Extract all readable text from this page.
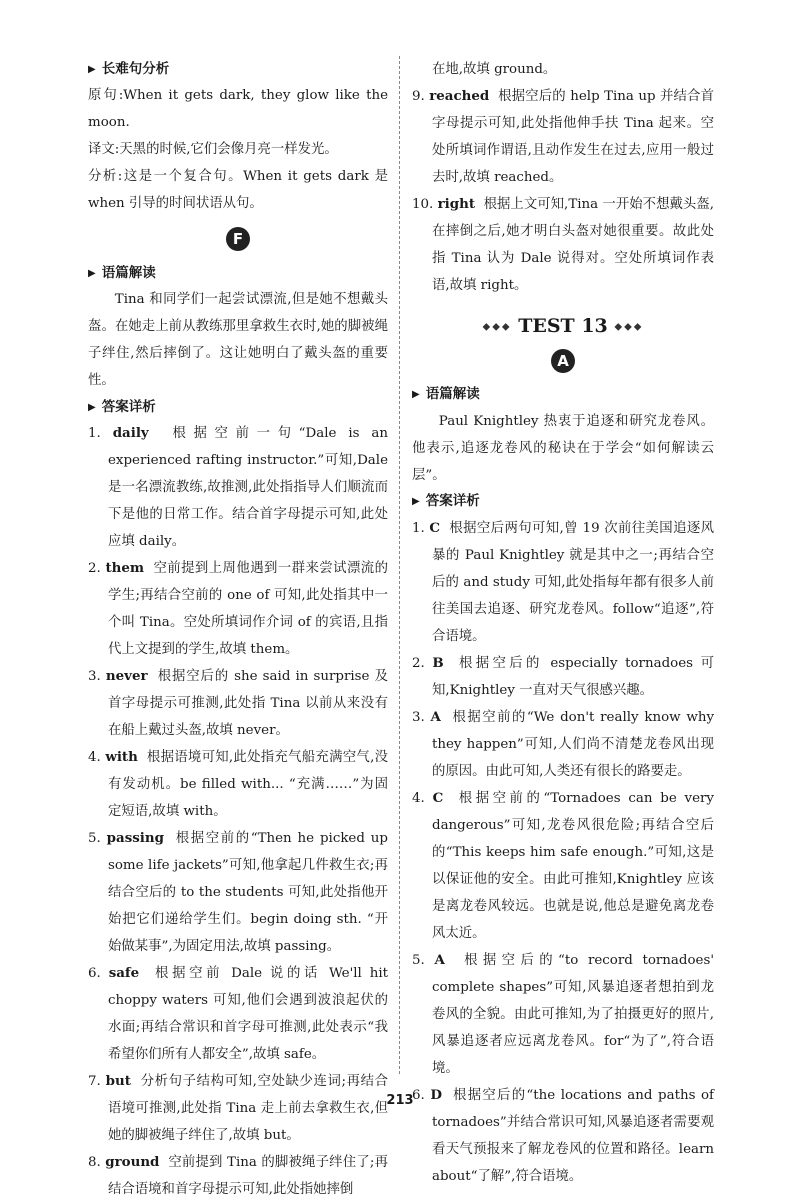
▶ 长难句分析

原句:When it gets dark, they glow like the moon.

译文:天黑的时候,它们会像月亮一样发光。

分析:这是一个复合句。When it gets dark 是 when 引导的时间状语从句。

F
▶ 语篇解读

Tina 和同学们一起尝试漂流,但是她不想戴头盔。在她走上前从教练那里拿救生衣时,她的脚被绳子绊住,然后摔倒了。这让她明白了戴头盔的重要性。

▶ 答案详析

1. daily 根据空前一句“Dale is an experienced rafting instructor.”可知,Dale 是一名漂流教练,故推测,此处指指导人们顺流而下是他的日常工作。结合首字母提示可知,此处应填 daily。

2. them 空前提到上周他遇到一群来尝试漂流的学生;再结合空前的 one of 可知,此处指其中一个叫 Tina。空处所填词作介词 of 的宾语,且指代上文提到的学生,故填 them。

3. never 根据空后的 she said in surprise 及首字母提示可推测,此处指 Tina 以前从来没有在船上戴过头盔,故填 never。

4. with 根据语境可知,此处指充气船充满空气,没有发动机。be filled with... “充满……”为固定短语,故填 with。

5. passing 根据空前的“Then he picked up some life jackets”可知,他拿起几件救生衣;再结合空后的 to the students 可知,此处指他开始把它们递给学生们。begin doing sth. “开始做某事”,为固定用法,故填 passing。

6. safe 根据空前 Dale 说的话 We'll hit choppy waters 可知,他们会遇到波浪起伏的水面;再结合常识和首字母可推测,此处表示“我希望你们所有人都安全”,故填 safe。

7. but 分析句子结构可知,空处缺少连词;再结合语境可推测,此处指 Tina 走上前去拿救生衣,但她的脚被绳子绊住了,故填 but。

8. ground 空前提到 Tina 的脚被绳子绊住了;再结合语境和首字母提示可知,此处指她摔倒

在地,故填 ground。

9. reached 根据空后的 help Tina up 并结合首字母提示可知,此处指他伸手扶 Tina 起来。空处所填词作谓语,且动作发生在过去,应用一般过去时,故填 reached。

10. right 根据上文可知,Tina 一开始不想戴头盔,在摔倒之后,她才明白头盔对她很重要。故此处指 Tina 认为 Dale 说得对。空处所填词作表语,故填 right。

◆◆◆ TEST 13 ◆◆◆
A
▶ 语篇解读

Paul Knightley 热衷于追逐和研究龙卷风。他表示,追逐龙卷风的秘诀在于学会“如何解读云层”。

▶ 答案详析

1. C 根据空后两句可知,曾 19 次前往美国追逐风暴的 Paul Knightley 就是其中之一;再结合空后的 and study 可知,此处指每年都有很多人前往美国去追逐、研究龙卷风。follow“追逐”,符合语境。

2. B 根据空后的 especially tornadoes 可知,Knightley 一直对天气很感兴趣。

3. A 根据空前的“We don't really know why they happen”可知,人们尚不清楚龙卷风出现的原因。由此可知,人类还有很长的路要走。

4. C 根据空前的“Tornadoes can be very dangerous”可知,龙卷风很危险;再结合空后的“This keeps him safe enough.”可知,这是以保证他的安全。由此可推知,Knightley 应该是离龙卷风较远。也就是说,他总是避免离龙卷风太近。

5. A 根据空后的“to record tornadoes' complete shapes”可知,风暴追逐者想拍到龙卷风的全貌。由此可推知,为了拍摄更好的照片,风暴追逐者应远离龙卷风。for“为了”,符合语境。

6. D 根据空后的“the locations and paths of tornadoes”并结合常识可知,风暴追逐者需要观看天气预报来了解龙卷风的位置和路径。learn about“了解”,符合语境。

213
